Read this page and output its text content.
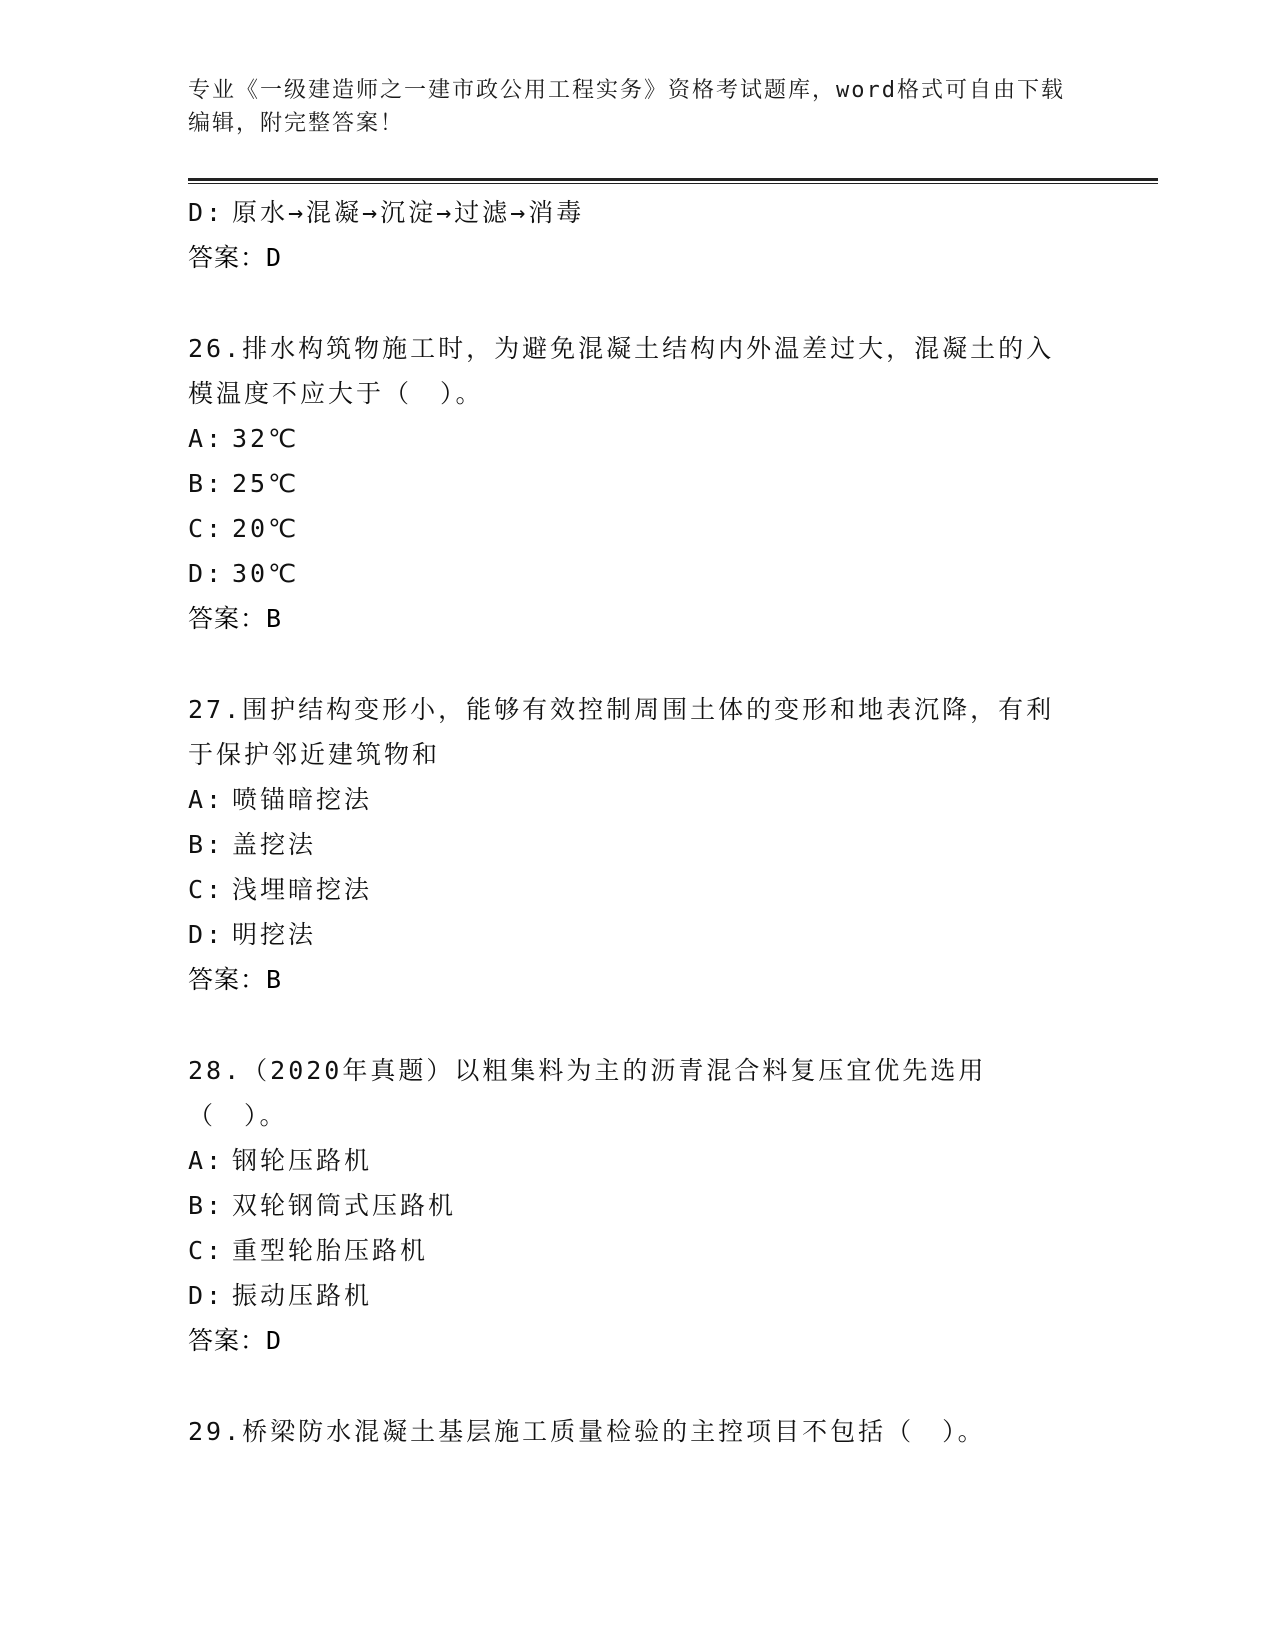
专业《一级建造师之一建市政公用工程实务》资格考试题库，word格式可自由下载编辑，附完整答案！
D: 原水→混凝→沉淀→过滤→消毒
答案：D
26.排水构筑物施工时，为避免混凝土结构内外温差过大，混凝土的入模温度不应大于（　）。
A: 32℃
B: 25℃
C: 20℃
D: 30℃
答案：B
27.围护结构变形小，能够有效控制周围土体的变形和地表沉降，有利于保护邻近建筑物和
A: 喷锚暗挖法
B: 盖挖法
C: 浅埋暗挖法
D: 明挖法
答案：B
28.（2020年真题）以粗集料为主的沥青混合料复压宜优先选用（　）。
A: 钢轮压路机
B: 双轮钢筒式压路机
C: 重型轮胎压路机
D: 振动压路机
答案：D
29.桥梁防水混凝土基层施工质量检验的主控项目不包括（　）。
